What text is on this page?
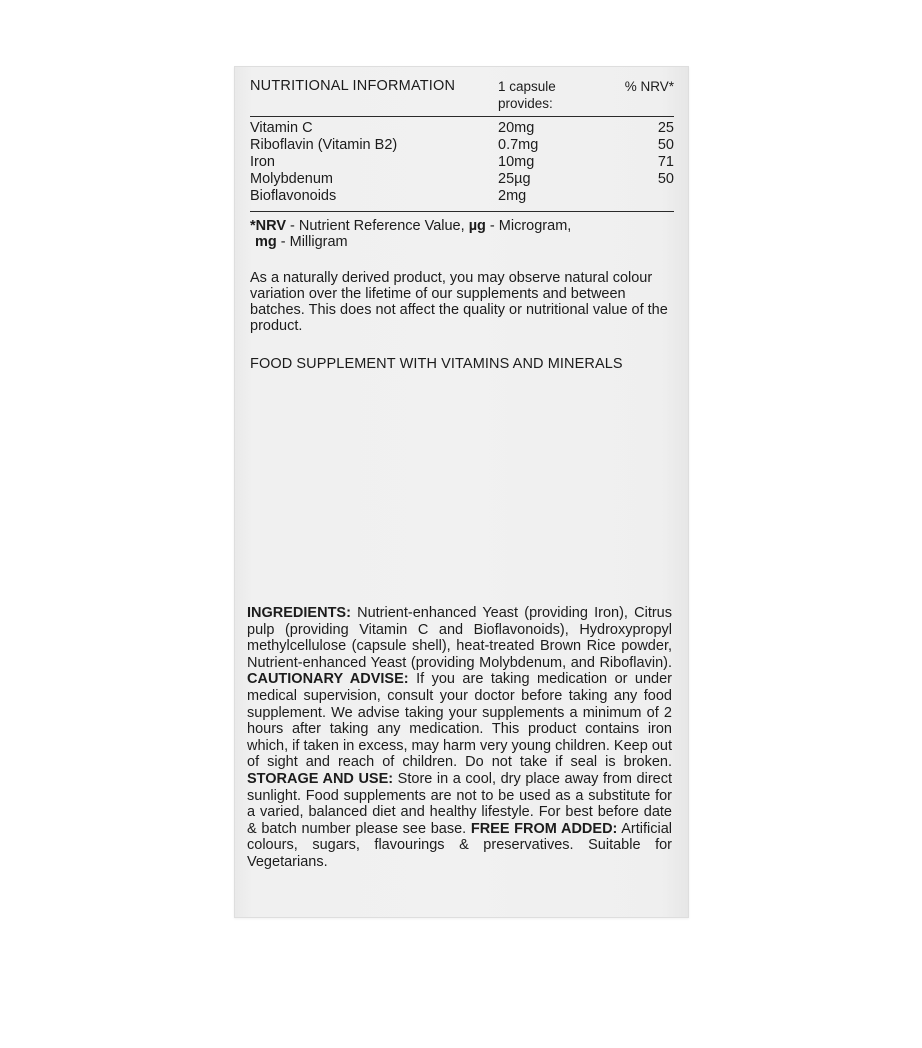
NUTRITIONAL INFORMATION	1 capsule provides:	% NRV*
Vitamin C	20mg	25
Riboflavin (Vitamin B2)	0.7mg	50
Iron	10mg	71
Molybdenum	25µg	50
Bioflavonoids	2mg	
*NRV - Nutrient Reference Value, µg - Microgram,
mg - Milligram
As a naturally derived product, you may observe natural colour variation over the lifetime of our supplements and between batches. This does not affect the quality or nutritional value of the product.
FOOD SUPPLEMENT WITH VITAMINS AND MINERALS
INGREDIENTS: Nutrient-enhanced Yeast (providing Iron), Citrus pulp (providing Vitamin C and Bioflavonoids), Hydroxypropyl methylcellulose (capsule shell), heat-treated Brown Rice powder, Nutrient-enhanced Yeast (providing Molybdenum, and Riboflavin). CAUTIONARY ADVISE: If you are taking medication or under medical supervision, consult your doctor before taking any food supplement. We advise taking your supplements a minimum of 2 hours after taking any medication. This product contains iron which, if taken in excess, may harm very young children. Keep out of sight and reach of children. Do not take if seal is broken. STORAGE AND USE: Store in a cool, dry place away from direct sunlight. Food supplements are not to be used as a substitute for a varied, balanced diet and healthy lifestyle. For best before date & batch number please see base. FREE FROM ADDED: Artificial colours, sugars, flavourings & preservatives. Suitable for Vegetarians.
